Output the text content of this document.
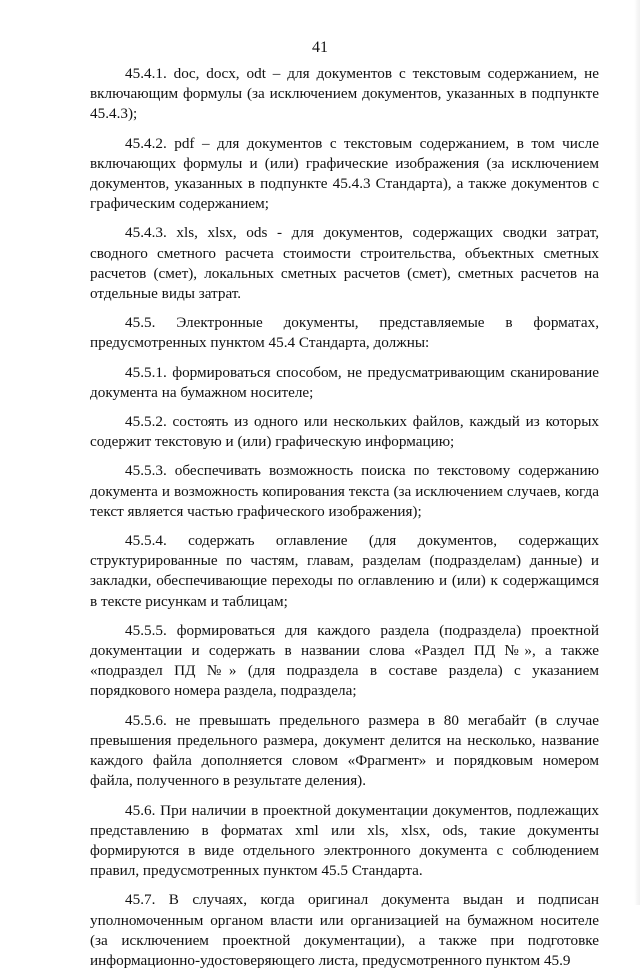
41

45.4.1. doc, docx, odt – для документов с текстовым содержанием, не включающим формулы (за исключением документов, указанных в подпункте 45.4.3);

45.4.2. pdf – для документов с текстовым содержанием, в том числе включающих формулы и (или) графические изображения (за исключением документов, указанных в подпункте 45.4.3 Стандарта), а также документов с графическим содержанием;

45.4.3. xls, xlsx, ods - для документов, содержащих сводки затрат, сводного сметного расчета стоимости строительства, объектных сметных расчетов (смет), локальных сметных расчетов (смет), сметных расчетов на отдельные виды затрат.

45.5. Электронные документы, представляемые в форматах, предусмотренных пунктом 45.4 Стандарта, должны:

45.5.1. формироваться способом, не предусматривающим сканирование документа на бумажном носителе;

45.5.2. состоять из одного или нескольких файлов, каждый из которых содержит текстовую и (или) графическую информацию;

45.5.3. обеспечивать возможность поиска по текстовому содержанию документа и возможность копирования текста (за исключением случаев, когда текст является частью графического изображения);

45.5.4. содержать оглавление (для документов, содержащих структурированные по частям, главам, разделам (подразделам) данные) и закладки, обеспечивающие переходы по оглавлению и (или) к содержащимся в тексте рисункам и таблицам;

45.5.5. формироваться для каждого раздела (подраздела) проектной документации и содержать в названии слова «Раздел ПД №», а также «подраздел ПД №» (для подраздела в составе раздела) с указанием порядкового номера раздела, подраздела;

45.5.6. не превышать предельного размера в 80 мегабайт (в случае превышения предельного размера, документ делится на несколько, название каждого файла дополняется словом «Фрагмент» и порядковым номером файла, полученного в результате деления).

45.6. При наличии в проектной документации документов, подлежащих представлению в форматах xml или xls, xlsx, ods, такие документы формируются в виде отдельного электронного документа с соблюдением правил, предусмотренных пунктом 45.5 Стандарта.

45.7. В случаях, когда оригинал документа выдан и подписан уполномоченным органом власти или организацией на бумажном носителе (за исключением проектной документации), а также при подготовке информационно-удостоверяющего листа, предусмотренного пунктом 45.9
